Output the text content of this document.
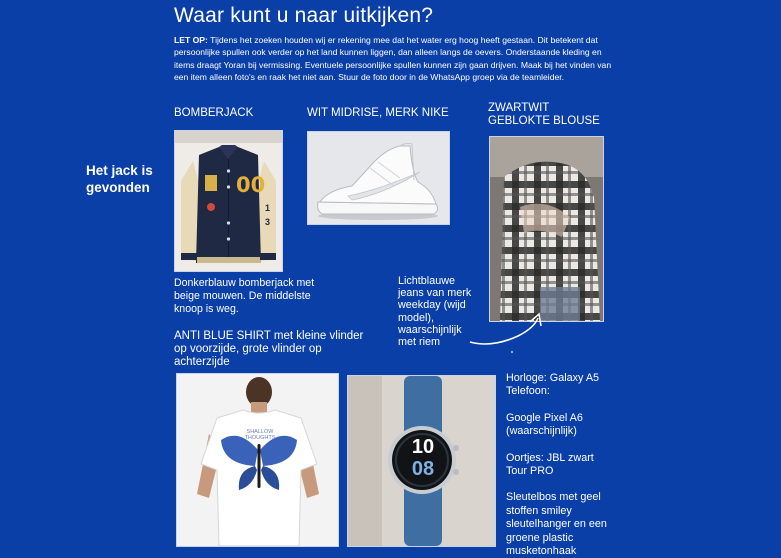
Waar kunt u naar uitkijken?
LET OP: Tijdens het zoeken houden wij er rekening mee dat het water erg hoog heeft gestaan. Dit betekent dat persoonlijke spullen ook verder op het land kunnen liggen, dan alleen langs de oevers. Onderstaande kleding en items draagt Yoran bij vermissing. Eventuele persoonlijke spullen kunnen zijn gaan drijven. Maak bij het vinden van een item alleen foto's en raak het niet aan. Stuur de foto door in de WhatsApp groep via de teamleider.
Het jack is gevonden
BOMBERJACK
00
13
Donkerblauw bomberjack met beige mouwen. De middelste knoop is weg.
WIT MIDRISE, MERK NIKE	ZWARTWIT GEBLOKTE BLOUSE
Lichtblauwe jeans van merk weekday (wijd model), waarschijnlijk met riem
ANTI BLUE SHIRT met kleine vlinder op voorzijde, grote vlinder op achterzijde
SHALLOW THOUGHTS	10
08
Horloge: Galaxy A5
Telefoon:
Google Pixel A6
(waarschijnlijk)
Oortjes: JBL zwart
Tour PRO
Sleutelbos met geel stoffen smiley sleutelhanger en een groene plastic musketonhaak
